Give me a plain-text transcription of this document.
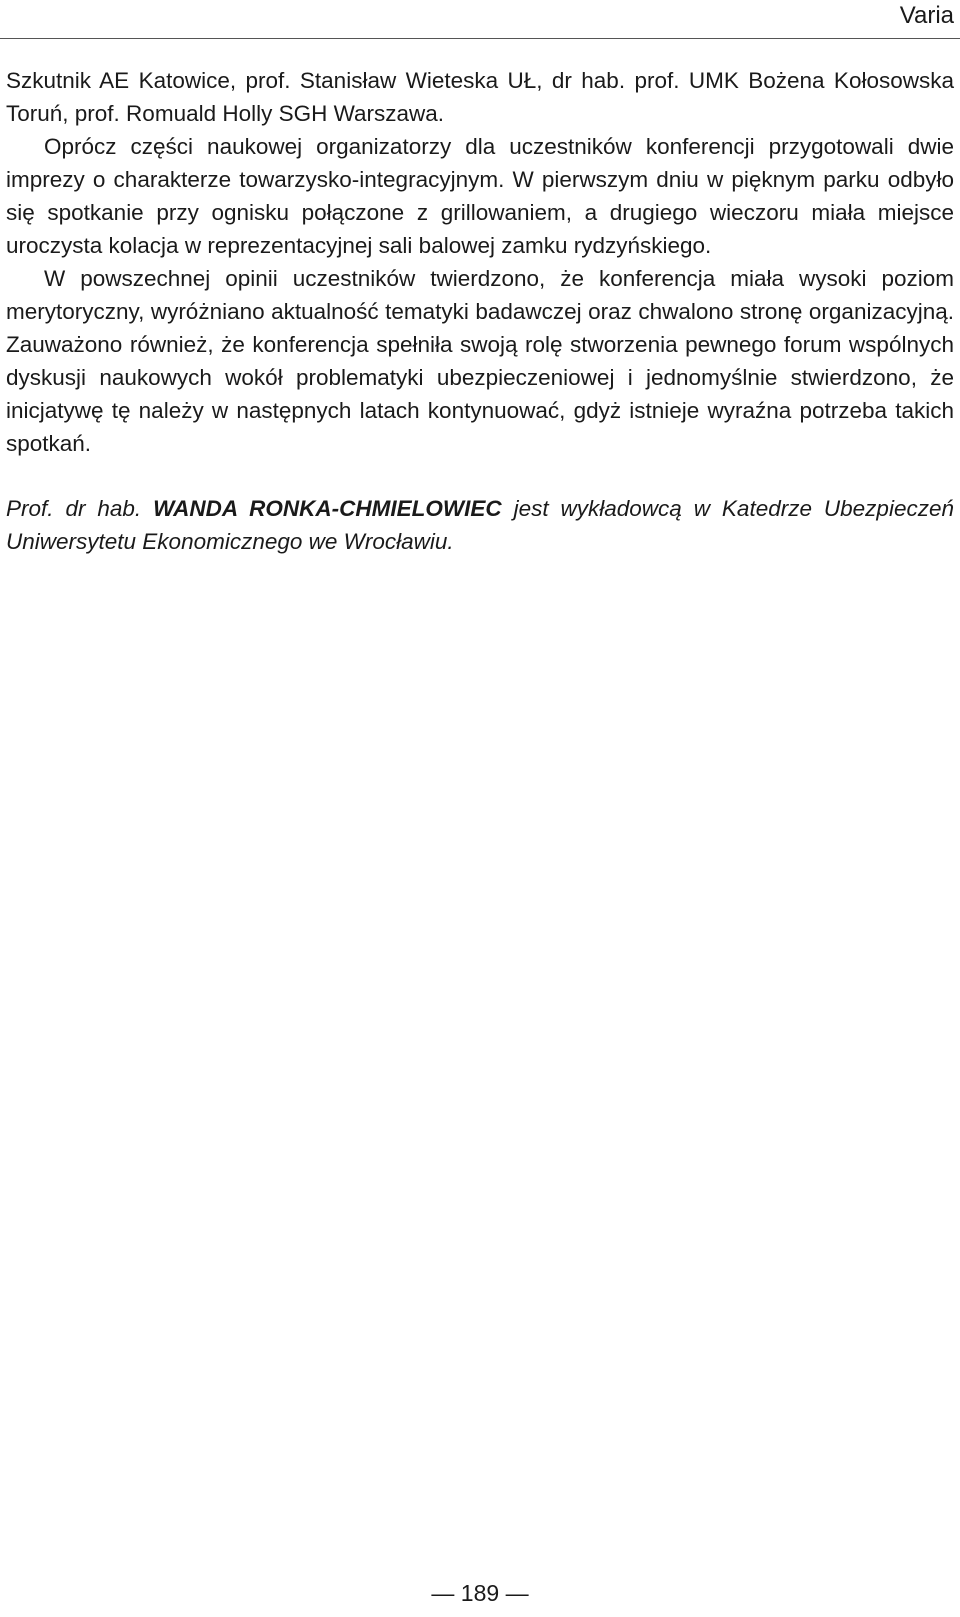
Varia

Szkutnik AE Katowice, prof. Stanisław Wieteska UŁ, dr hab. prof. UMK Bożena Kołosowska Toruń, prof. Romuald Holly SGH Warszawa.

Oprócz części naukowej organizatorzy dla uczestników konferencji przygotowali dwie imprezy o charakterze towarzysko-integracyjnym. W pierwszym dniu w pięknym parku odbyło się spotkanie przy ognisku połączone z grillowaniem, a drugiego wieczoru miała miejsce uroczysta kolacja w reprezentacyjnej sali balowej zamku rydzyńskiego.

W powszechnej opinii uczestników twierdzono, że konferencja miała wysoki poziom merytoryczny, wyróżniano aktualność tematyki badawczej oraz chwalono stronę organizacyjną. Zauważono również, że konferencja spełniła swoją rolę stworzenia pewnego forum wspólnych dyskusji naukowych wokół problematyki ubezpieczeniowej i jednomyślnie stwierdzono, że inicjatywę tę należy w następnych latach kontynuować, gdyż istnieje wyraźna potrzeba takich spotkań.

Prof. dr hab. WANDA RONKA-CHMIELOWIEC jest wykładowcą w Katedrze Ubezpieczeń Uniwersytetu Ekonomicznego we Wrocławiu.

— 189 —
